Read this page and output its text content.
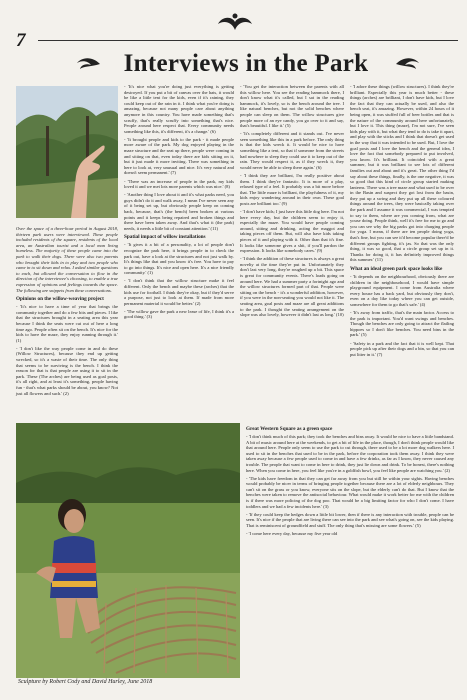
7
Interviews in the Park

Over the space of a three-hour period in August 2018, thirteen park users were interviewed. These people included residents of the square, residents of the local area, an Australian tourist and a local man living homeless. The majority of these people came into the park to walk their dogs. There were also two parents who brought their kids in to play and two people who came in to sit down and relax. I asked similar questions to each, but allowed the conversation to flow in the direction of the interviewee's choosing, to enable a true expression of opinions and feelings towards the space. The following are snippets from these conversations.

Opinions on the willow-weaving project

- 'It's nice to have a time of year that brings the community together and do a few bits and pieces. I like that the structures brought in a seating area this year because I think the seats were cut out of here a long time ago. People often sit on the bench. It's nice for the kids to have the maze, they enjoy running through it.' (1)

- 'I don't like the way people come in and do these (Willow Structures), because they end up getting wrecked, so it's a waste of their time. The only thing that seems to be surviving is the bench. I think the reason for that is that people are using it to sit in the park. These (The arches) are being used as goal posts, it's all right, and at least it's something, people having fun - that's what parks should be about, you know? Not just all flowers and such.' (2)

- 'It's nice what you're doing just everything is getting destroyed. If you put a bit of canvas over the hats, it would be like a little tent for the kids, even if it's raining, they could keep out of the rain in it. I think what you're doing is amazing, because not many people care about anything anymore in this country. You have made something that's scruffy, that's really scruffy into something that's nice. People around here respect that. Every community needs something like this, it's different, it's a change.' (6)

- 'It brought people and kids to the park - it made people more aware of the park. My dog enjoyed playing in the maze structure and the seat up there, people were coming in and sitting on that, even today there are kids sitting on it, but it just made it more inviting. There was something in here to look at, very unusual and nice. It's very natural and doesn't seem permanent.' (7)

- 'There was an increase of people in the park, my kids loved it and we met lots more parents which was nice.' (8)

- 'Another thing I love about it and it's what parks need, you guys didn't do it and walk away, I mean I've never seen any of it being set up, but obviously people keep on coming back, because, that's (the bench) been broken at various points and it keeps being repaired and broken things and there have been taken away. And that's what it (the park) needs, it needs a little bit of constant attention.' (11)

Spatial impact of willow installations

- 'It gives it a bit of a personality, a lot of people don't recognize the park here, it brings people in to check the park out, have a look at the structures and not just walk by. It's things like that and you know it's free. You have to pay to go into things. It's nice and open here. It's a nice friendly community.' (1)

- 'I don't think that the willow structure make it feel different. Only the bench and maybe these (arches) that the kids use for football. I think they're okay, but if they'd serve a purpose, not just to look at them. If made from more permanent material it would be better.' (2)

- 'The willow gave the park a new lease of life, I think it's a good thing.' (3)

- 'You get the interaction between the parents with all this willow here. You see the reading hammock there, I don't know what it's called, but I sat in the reading hammock, it's lovely, so is the bench around the tree. I like natural benches, but not the solid benches where people can sleep on them. The willow structures give people more of an eye candy, you go over to it and say, that's beautiful. I like it.' (5)

- 'It's completely different and it stands out. I've never seen something like this in a park before. The only thing is that the kids wreck it. It would be nice to have something like a tent, so that if someone from the streets had nowhere to sleep they could use it to keep out of the rain. They would respect it, as if they wreck it, they would never be able to sleep there again.' (6)

- 'I think they are brilliant, I'm really positive about them. I think they're fantastic. It is more of a play, relaxed type of a feel. It probably was a bit more before that. The little maze is brilliant, the playfulness of it, my kids enjoy wandering around in their own. These goal posts are brilliant too.' (9)

- 'I don't have kids; I just have this little dog here. I'm not here every day, but the children seem to enjoy it, especially the maze. You would have people coming around, sitting and drinking, acting the maggot and taking pieces off them. But, will also have kids taking pieces of it and playing with it. Other than that it's fine. It looks like someone gives a shit, if you'll pardon the expression. It looks like somebody cares.' (9)

- 'I think the addition of these structures is always a great novelty at the time they're put in. Unfortunately they don't last very long, they're roughed up a bit. This space is great for community events. There's loads going on around here. We had a summer party a fortnight ago and the willow structures formed part of that. People were sitting on the bench - it's a wonderful addition, however, if you were in the non-seating you would not like it. The seating area, goal posts and maze are all great additions to the park. I thought the seating arrangement on the slope was also lovely, however it didn't last as long.' (10)

- 'I adore these things (willow structures). I think they're brilliant. Especially this year is much better - these things (arches) are brilliant, I don't have kids, but I love the fact that they can actually be used, and also the bench seat, it's amazing. However, within 24 hours of it being open, it was stuffed full of beer bottles and that is the nature of the community around here unfortunately, but I love it. This thing (maze), I'm not sure, I've seen kids play with it, but what they tend to do is take it apart, and play with the sticks and I think that doesn't get used in the way that it was intended to be used. But, I love the goal posts and I love the bench and the general idea, I love the fact that somebody prepared to put involved, you know. It's brilliant. It coincided with a great summer, but it was brilliant to see lots of different families out and about and it's great. The other thing I'd say about these things, finally, is the one negative, it was so good that this kind of circle group started making lanterns. There was a tree maze and what used to be over in the Basin and suspect they got lost from the basin, they put up a swing and they put up all these coloured things around the trees, they were basically taking over the park and I assume it was commercial, I was tempted to say to them, where are you coming from, what are youse doing. People think, well it's free for me to go and you can see why the big parks got into charging people for yoga. I mean, if there are ten people doing yoga, that's fine, but you can see it'd become popular there'd be different groups fighting, it's jas. So that was the only thing, it was so good, that a circle group set up in it. Thanks for doing it, it has definitely improved things this summer.' (11)

What an ideal green park space looks like

- 'It depends on the neighbourhood, obviously there are children in the neighbourhood, I would have simple playground equipment. I come from Australia where every house has a back yard, but obviously they don't, even on a day like today where you can get outside, somewhere for them to go that's safe.' (4)

- 'It's away from traffic, that's the main factor. Access to the park is important. You'd want swings and benches. Though the benches are only going to attract the flailing hippoes so I don't like benches. You need bins in the park.' (5)

- 'Safety in a park and the fact that it is well kept. That people pick up after their dogs and a bin, so that you can put litter in it.' (7)

Sculpture by Robert Cody and David Hurley, June 2018
Great Western Square as a green space

- 'I don't think much of this park; they took the benches and bins away. It would be nice to have a little bandstand. A bit of music around here at the weekends, to get a bit of life in the place, though, I don't think people would like that around here. People only seem to use the park to cut through, there used to be a lot more dog walkers here. I used to sit in the benches that used to be in the park, before the corporation took them away. I think they were taken away because a few people used to come in and have a few drinks, as far as I know, they never caused any trouble. The people that want to come in here to drink, they just lie down and drink. To be honest, there's nothing here. When you come in here, you feel like you're in a goldfish bowl, you feel like people are watching you.' (2)

- 'The kids have freedom in that they can get far away from you but still be within your sights. Having benches would probably be nicer in terms of bringing people together because there are a lot of elderly neighbours. They can't sit on the grass or you know, everyone sits on the slope, but the elderly can't do that. But I know that the benches were taken to remove the antisocial behaviour. What would make it work better for me with the children is if there was more policing of the dog poo. That would be a big limiting factor for who I don't come. I have toddlers and we had a few incidents here.' (3)

- 'If they could keep the hedges down a little bit lower, then if there is any interaction with trouble, people can be seen. It's nice if the people that are living there can see into the park and see what's going on, see the kids playing. That is reminiscent of groundfield and stuff. The only thing that's missing are some flowers.' (5)

- 'I come here every day, because my five year old
